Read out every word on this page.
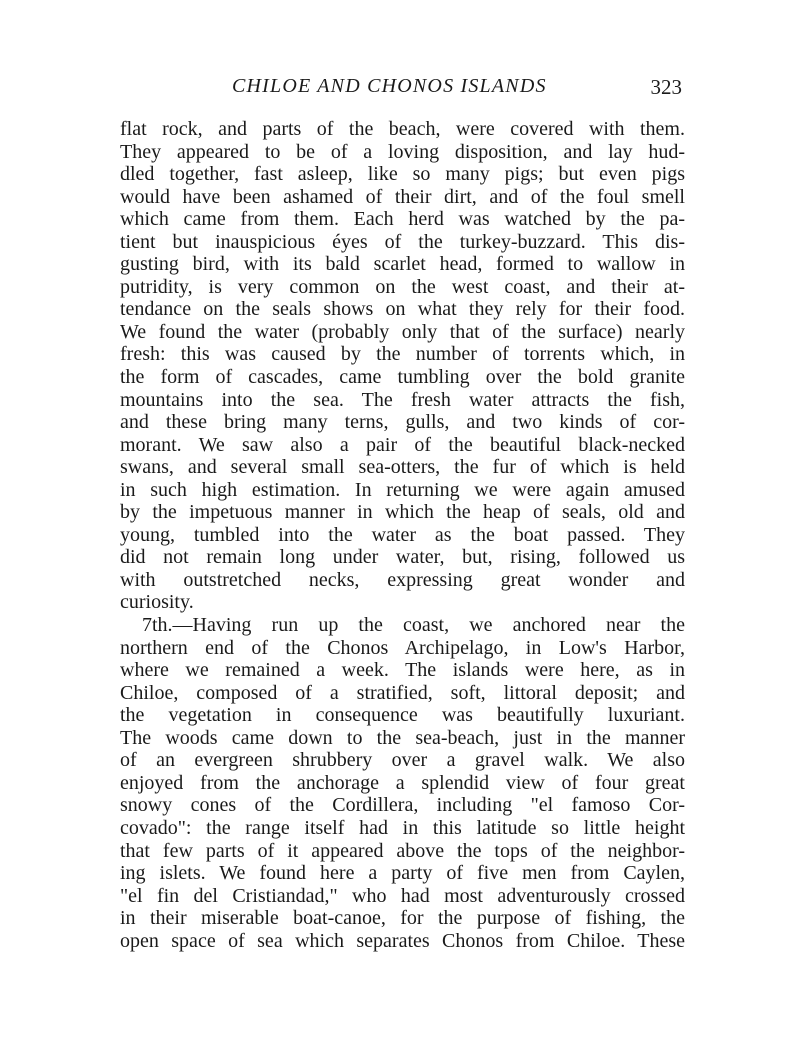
CHILOE AND CHONOS ISLANDS	323
flat rock, and parts of the beach, were covered with them.
They appeared to be of a loving disposition, and lay hud-
dled together, fast asleep, like so many pigs; but even pigs
would have been ashamed of their dirt, and of the foul smell
which came from them. Each herd was watched by the pa-
tient but inauspicious éyes of the turkey-buzzard. This dis-
gusting bird, with its bald scarlet head, formed to wallow in
putridity, is very common on the west coast, and their at-
tendance on the seals shows on what they rely for their food.
We found the water (probably only that of the surface) nearly
fresh: this was caused by the number of torrents which, in
the form of cascades, came tumbling over the bold granite
mountains into the sea. The fresh water attracts the fish,
and these bring many terns, gulls, and two kinds of cor-
morant. We saw also a pair of the beautiful black-necked
swans, and several small sea-otters, the fur of which is held
in such high estimation. In returning we were again amused
by the impetuous manner in which the heap of seals, old and
young, tumbled into the water as the boat passed. They
did not remain long under water, but, rising, followed us
with outstretched necks, expressing great wonder and
curiosity.
7th.—Having run up the coast, we anchored near the
northern end of the Chonos Archipelago, in Low's Harbor,
where we remained a week. The islands were here, as in
Chiloe, composed of a stratified, soft, littoral deposit; and
the vegetation in consequence was beautifully luxuriant.
The woods came down to the sea-beach, just in the manner
of an evergreen shrubbery over a gravel walk. We also
enjoyed from the anchorage a splendid view of four great
snowy cones of the Cordillera, including "el famoso Cor-
covado": the range itself had in this latitude so little height
that few parts of it appeared above the tops of the neighbor-
ing islets. We found here a party of five men from Caylen,
"el fin del Cristiandad," who had most adventurously crossed
in their miserable boat-canoe, for the purpose of fishing, the
open space of sea which separates Chonos from Chiloe. These
